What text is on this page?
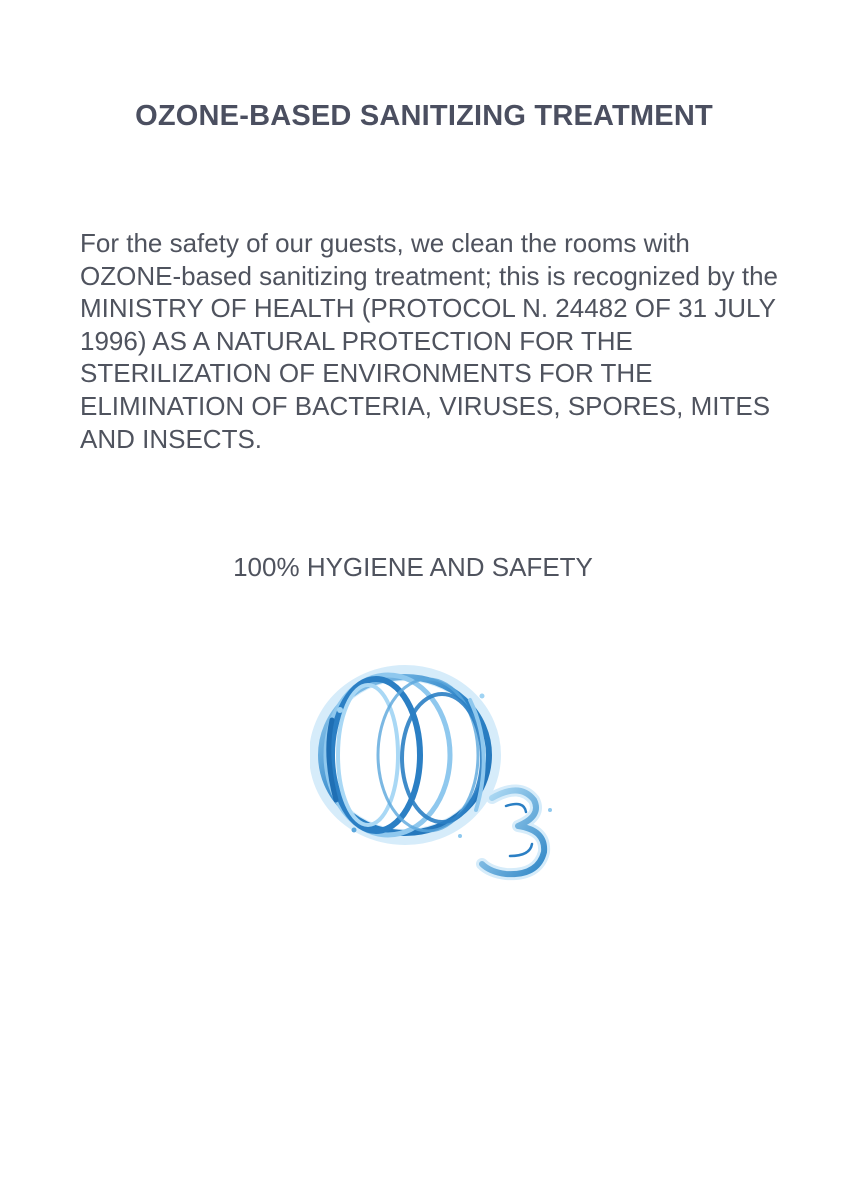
OZONE-BASED SANITIZING TREATMENT

For the safety of our guests, we clean the rooms with OZONE-based sanitizing treatment; this is recognized by the MINISTRY OF HEALTH (PROTOCOL N. 24482 OF 31 JULY 1996) AS A NATURAL PROTECTION FOR THE STERILIZATION OF ENVIRONMENTS FOR THE ELIMINATION OF BACTERIA, VIRUSES, SPORES, MITES AND INSECTS.

100% HYGIENE AND SAFETY
